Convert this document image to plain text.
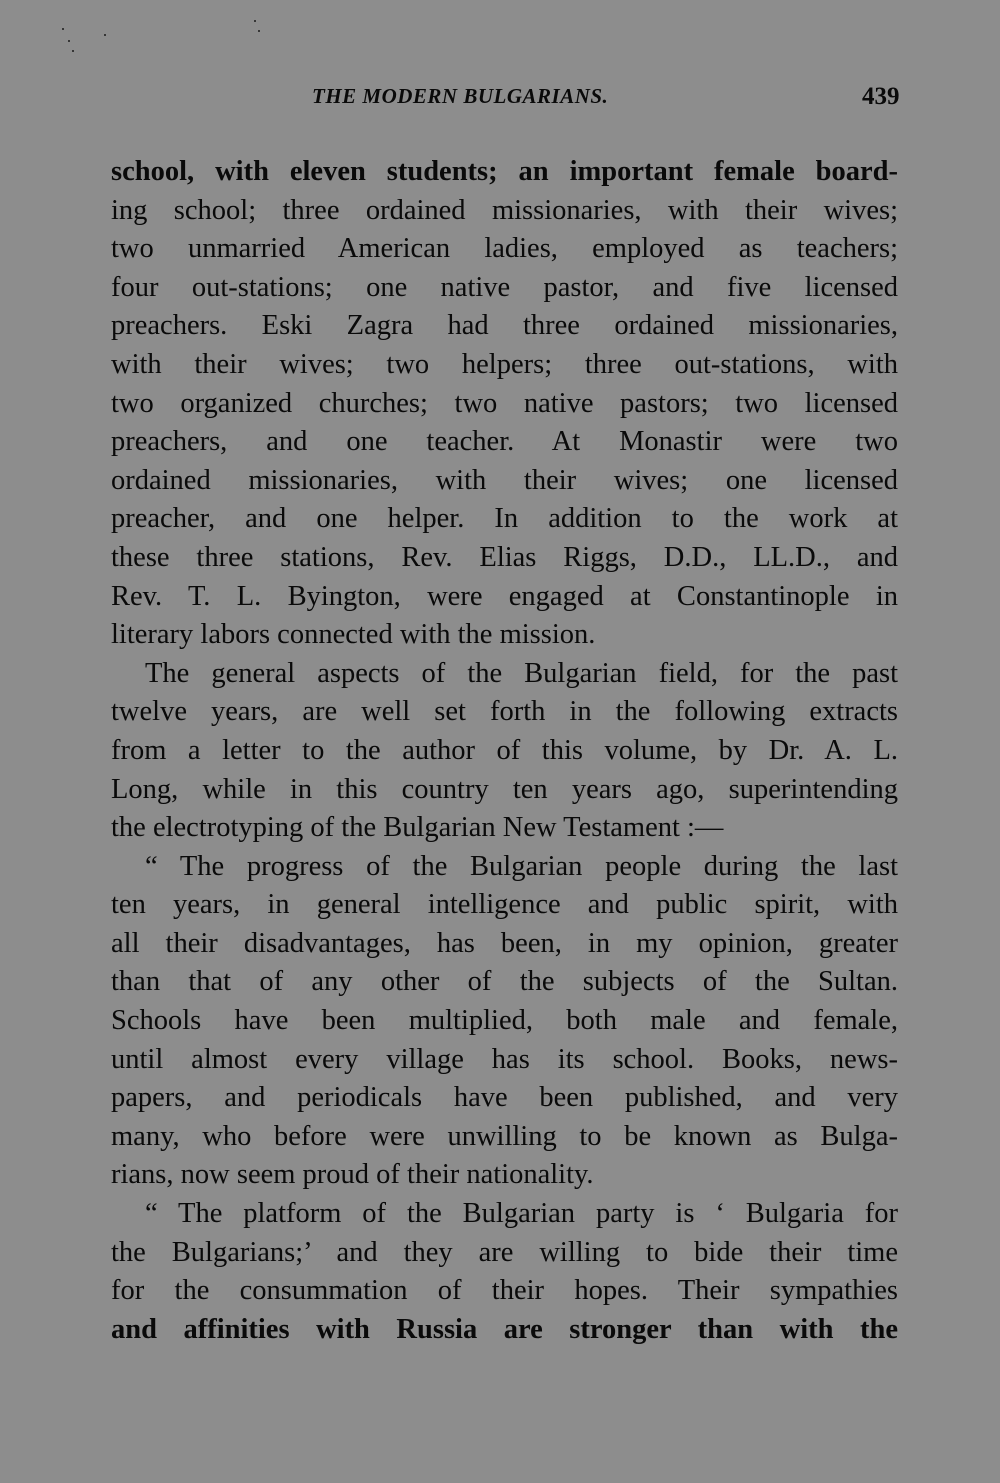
THE MODERN BULGARIANS.	439
school, with eleven students; an important female board-
ing school; three ordained missionaries, with their wives;
two unmarried American ladies, employed as teachers;
four out-stations; one native pastor, and five licensed
preachers. Eski Zagra had three ordained missionaries,
with their wives; two helpers; three out-stations, with
two organized churches; two native pastors; two licensed
preachers, and one teacher. At Monastir were two
ordained missionaries, with their wives; one licensed
preacher, and one helper. In addition to the work at
these three stations, Rev. Elias Riggs, D.D., LL.D., and
Rev. T. L. Byington, were engaged at Constantinople in
literary labors connected with the mission.
The general aspects of the Bulgarian field, for the past
twelve years, are well set forth in the following extracts
from a letter to the author of this volume, by Dr. A. L.
Long, while in this country ten years ago, superintending
the electrotyping of the Bulgarian New Testament :—
“ The progress of the Bulgarian people during the last
ten years, in general intelligence and public spirit, with
all their disadvantages, has been, in my opinion, greater
than that of any other of the subjects of the Sultan.
Schools have been multiplied, both male and female,
until almost every village has its school. Books, news-
papers, and periodicals have been published, and very
many, who before were unwilling to be known as Bulga-
rians, now seem proud of their nationality.
“ The platform of the Bulgarian party is ‘ Bulgaria for
the Bulgarians;’ and they are willing to bide their time
for the consummation of their hopes. Their sympathies
and affinities with Russia are stronger than with the
